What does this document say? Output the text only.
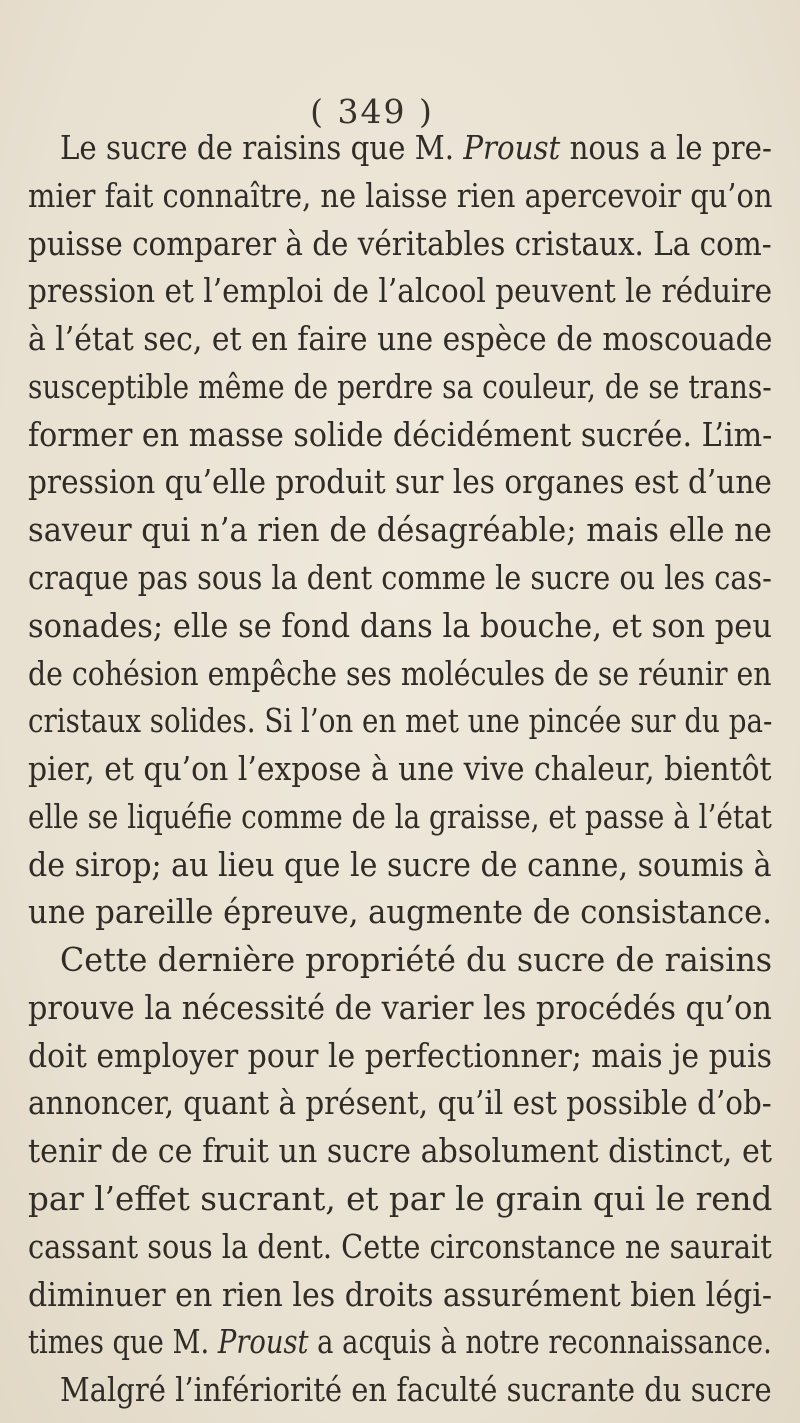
( 349 )
Le sucre de raisins que M. Proust nous a le pre-
mier fait connaître, ne laisse rien apercevoir qu’on
puisse comparer à de véritables cristaux. La com-
pression et l’emploi de l’alcool peuvent le réduire
à l’état sec, et en faire une espèce de moscouade
susceptible même de perdre sa couleur, de se trans-
former en masse solide décidément sucrée. L’im-
pression qu’elle produit sur les organes est d’une
saveur qui n’a rien de désagréable; mais elle ne
craque pas sous la dent comme le sucre ou les cas-
sonades; elle se fond dans la bouche, et son peu
de cohésion empêche ses molécules de se réunir en
cristaux solides. Si l’on en met une pincée sur du pa-
pier, et qu’on l’expose à une vive chaleur, bientôt
elle se liquéfie comme de la graisse, et passe à l’état
de sirop; au lieu que le sucre de canne, soumis à
une pareille épreuve, augmente de consistance.
Cette dernière propriété du sucre de raisins
prouve la nécessité de varier les procédés qu’on
doit employer pour le perfectionner; mais je puis
annoncer, quant à présent, qu’il est possible d’ob-
tenir de ce fruit un sucre absolument distinct, et
par l’effet sucrant, et par le grain qui le rend
cassant sous la dent. Cette circonstance ne saurait
diminuer en rien les droits assurément bien légi-
times que M. Proust a acquis à notre reconnaissance.
Malgré l’infériorité en faculté sucrante du sucre
